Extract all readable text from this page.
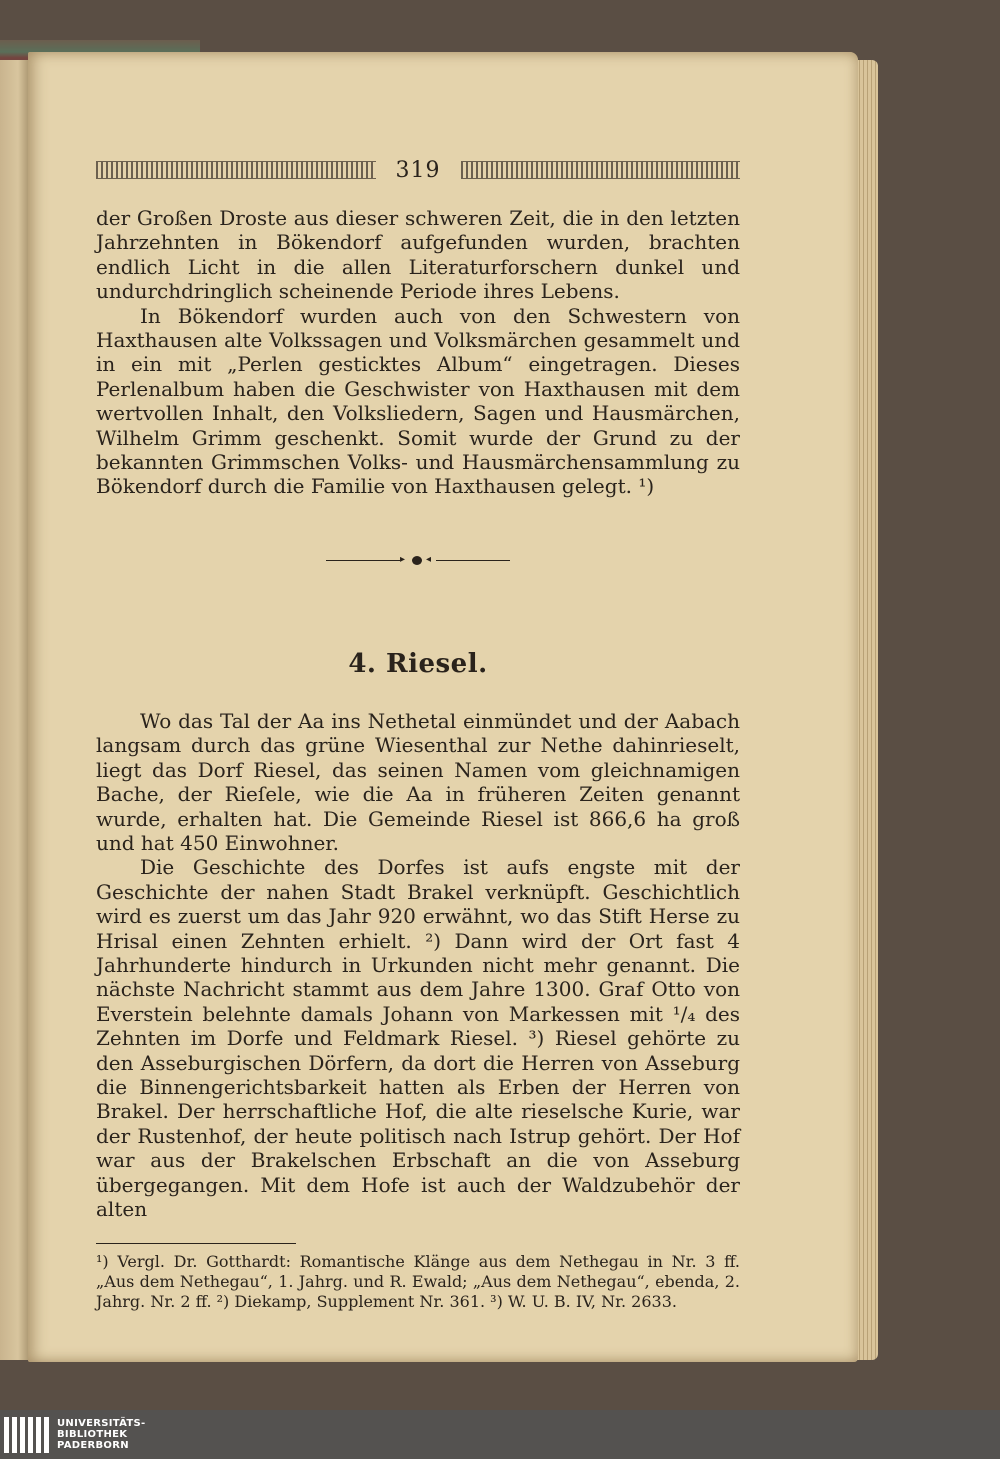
319

der Großen Droste aus dieser schweren Zeit, die in den letzten Jahrzehnten in Bökendorf aufgefunden wurden, brachten endlich Licht in die allen Literaturforschern dunkel und undurchdringlich scheinende Periode ihres Lebens.

In Bökendorf wurden auch von den Schwestern von Haxthausen alte Volkssagen und Volksmärchen gesammelt und in ein mit „Perlen gesticktes Album“ eingetragen. Dieses Perlenalbum haben die Geschwister von Haxthausen mit dem wertvollen Inhalt, den Volksliedern, Sagen und Hausmärchen, Wilhelm Grimm geschenkt. Somit wurde der Grund zu der bekannten Grimmschen Volks- und Hausmärchensammlung zu Bökendorf durch die Familie von Haxthausen gelegt. ¹)

▸ ◂
4. Riesel.

Wo das Tal der Aa ins Nethetal einmündet und der Aabach langsam durch das grüne Wiesenthal zur Nethe dahinrieselt, liegt das Dorf Riesel, das seinen Namen vom gleichnamigen Bache, der Rieſele, wie die Aa in früheren Zeiten genannt wurde, erhalten hat. Die Gemeinde Riesel ist 866,6 ha groß und hat 450 Einwohner.

Die Geschichte des Dorfes ist aufs engste mit der Geschichte der nahen Stadt Brakel verknüpft. Geschichtlich wird es zuerst um das Jahr 920 erwähnt, wo das Stift Herse zu Hrisal einen Zehnten erhielt. ²) Dann wird der Ort fast 4 Jahrhunderte hindurch in Urkunden nicht mehr genannt. Die nächste Nachricht stammt aus dem Jahre 1300. Graf Otto von Everstein belehnte damals Johann von Markessen mit ¹/₄ des Zehnten im Dorfe und Feldmark Riesel. ³) Riesel gehörte zu den Asseburgischen Dörfern, da dort die Herren von Asseburg die Binnengerichtsbarkeit hatten als Erben der Herren von Brakel. Der herrschaftliche Hof, die alte rieselsche Kurie, war der Rustenhof, der heute politisch nach Istrup gehört. Der Hof war aus der Brakelschen Erbschaft an die von Asseburg übergegangen. Mit dem Hofe ist auch der Waldzubehör der alten

¹) Vergl. Dr. Gotthardt: Romantische Klänge aus dem Nethegau in Nr. 3 ff. „Aus dem Nethegau“, 1. Jahrg. und R. Ewald; „Aus dem Nethegau“, ebenda, 2. Jahrg. Nr. 2 ff. ²) Diekamp, Supplement Nr. 361. ³) W. U. B. IV, Nr. 2633.

UNIVERSITÄTS-
BIBLIOTHEK
PADERBORN
